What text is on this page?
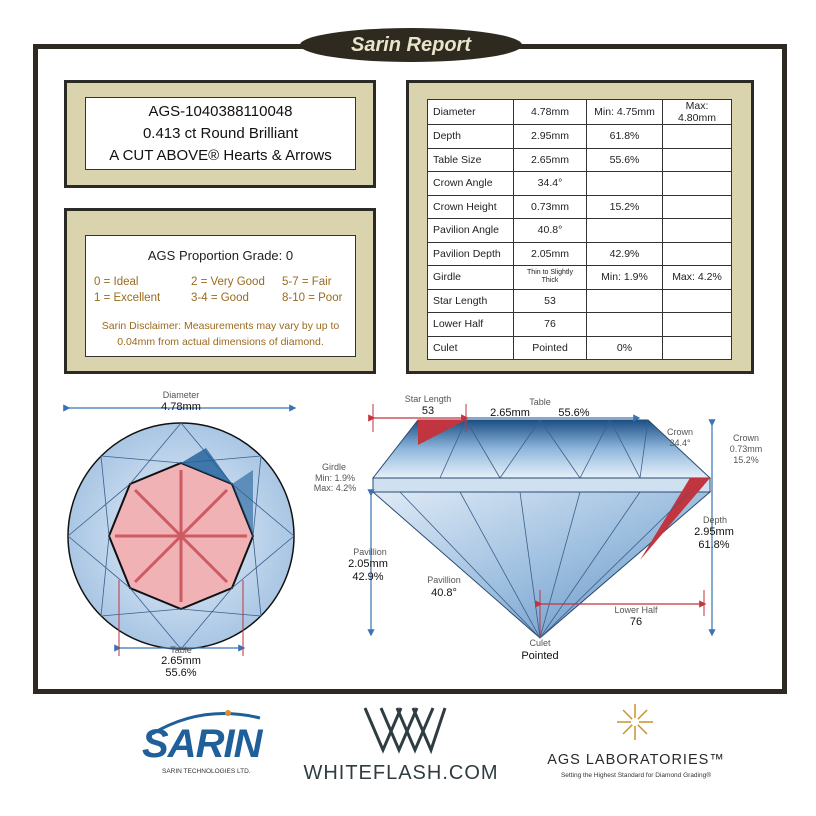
Sarin Report
AGS-1040388110048
0.413 ct Round Brilliant
A CUT ABOVE® Hearts & Arrows
AGS Proportion Grade: 0
0 = Ideal	2 = Very Good 5-7 = Fair
1 = Excellent	3-4 = Good	8-10 = Poor
Sarin Disclaimer: Measurements may vary by up to
0.04mm from actual dimensions of diamond.
Diameter	4.78mm	Min: 4.75mm	Max: 4.80mm
Depth	2.95mm	61.8%	
Table Size	2.65mm	55.6%	
Crown Angle	34.4°		
Crown Height	0.73mm	15.2%	
Pavilion Angle	40.8°		
Pavilion Depth	2.05mm	42.9%	
Girdle	Thin to Slightly Thick	Min: 1.9%	Max: 4.2%
Star Length	53		
Lower Half	76		
Culet	Pointed	0%	
Diameter
4.78mm
Table
2.65mm
55.6%
Star Length
53
Table
2.65mm	55.6%
Crown
34.4°	Crown
0.73mm
15.2%
Girdle
Min: 1.9%
Max: 4.2%
Depth
2.95mm
61.8%
Pavillion
2.05mm
42.9%	Pavillion
40.8°
Lower Half
76
Culet
Pointed
SARIN
SARIN TECHNOLOGIES LTD.	WHITEFLASH.COM
AGS LABORATORIES™
Setting the Highest Standard for Diamond Grading®
